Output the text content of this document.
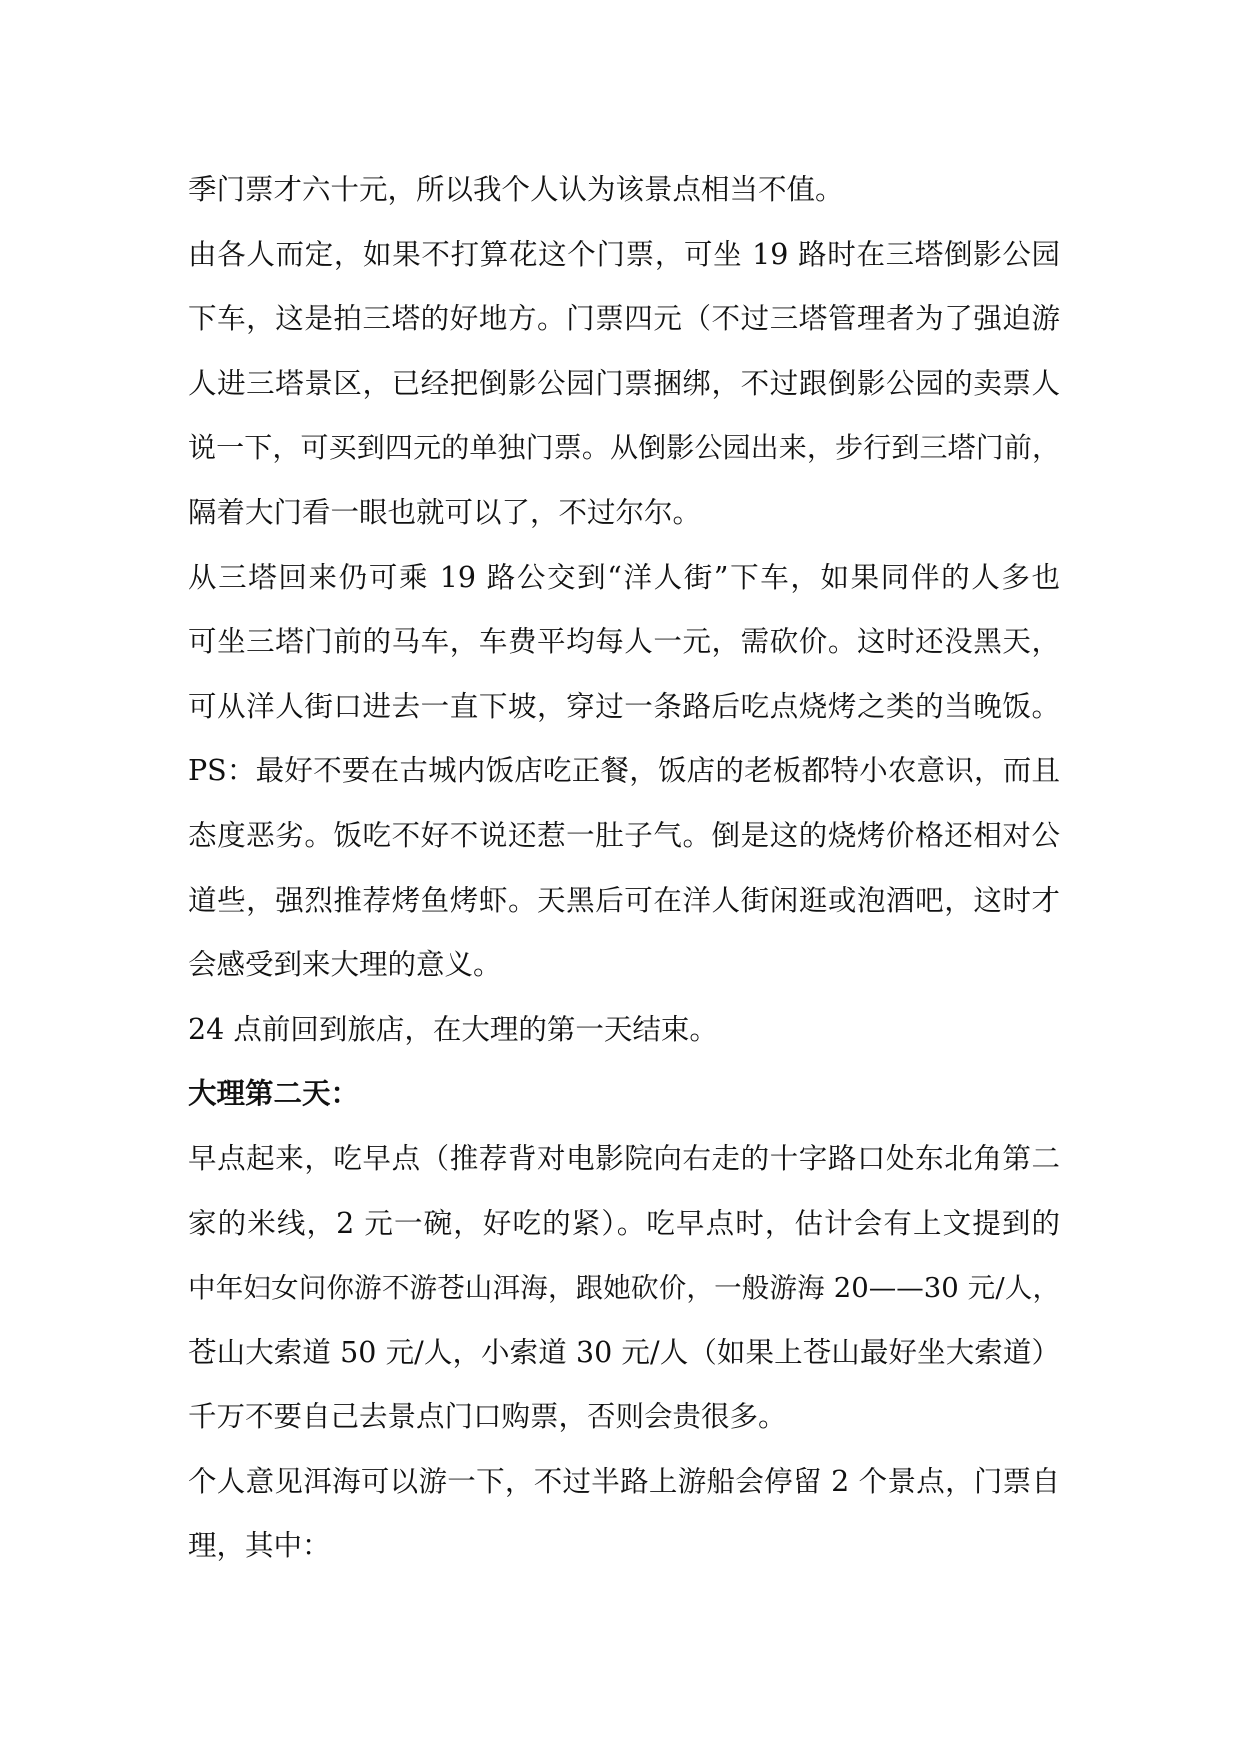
季门票才六十元，所以我个人认为该景点相当不值。
由各人而定，如果不打算花这个门票，可坐 19 路时在三塔倒影公园
下车，这是拍三塔的好地方。门票四元（不过三塔管理者为了强迫游
人进三塔景区，已经把倒影公园门票捆绑，不过跟倒影公园的卖票人
说一下，可买到四元的单独门票。从倒影公园出来，步行到三塔门前，
隔着大门看一眼也就可以了，不过尔尔。
从三塔回来仍可乘 19 路公交到“洋人街”下车，如果同伴的人多也
可坐三塔门前的马车，车费平均每人一元，需砍价。这时还没黑天，
可从洋人街口进去一直下坡，穿过一条路后吃点烧烤之类的当晚饭。
PS：最好不要在古城内饭店吃正餐，饭店的老板都特小农意识，而且
态度恶劣。饭吃不好不说还惹一肚子气。倒是这的烧烤价格还相对公
道些，强烈推荐烤鱼烤虾。天黑后可在洋人街闲逛或泡酒吧，这时才
会感受到来大理的意义。
24 点前回到旅店，在大理的第一天结束。
大理第二天：
早点起来，吃早点（推荐背对电影院向右走的十字路口处东北角第二
家的米线，2 元一碗，好吃的紧）。吃早点时，估计会有上文提到的
中年妇女问你游不游苍山洱海，跟她砍价，一般游海 20——30 元/人，
苍山大索道 50 元/人，小索道 30 元/人（如果上苍山最好坐大索道）
千万不要自己去景点门口购票，否则会贵很多。
个人意见洱海可以游一下，不过半路上游船会停留 2 个景点，门票自
理，其中：
